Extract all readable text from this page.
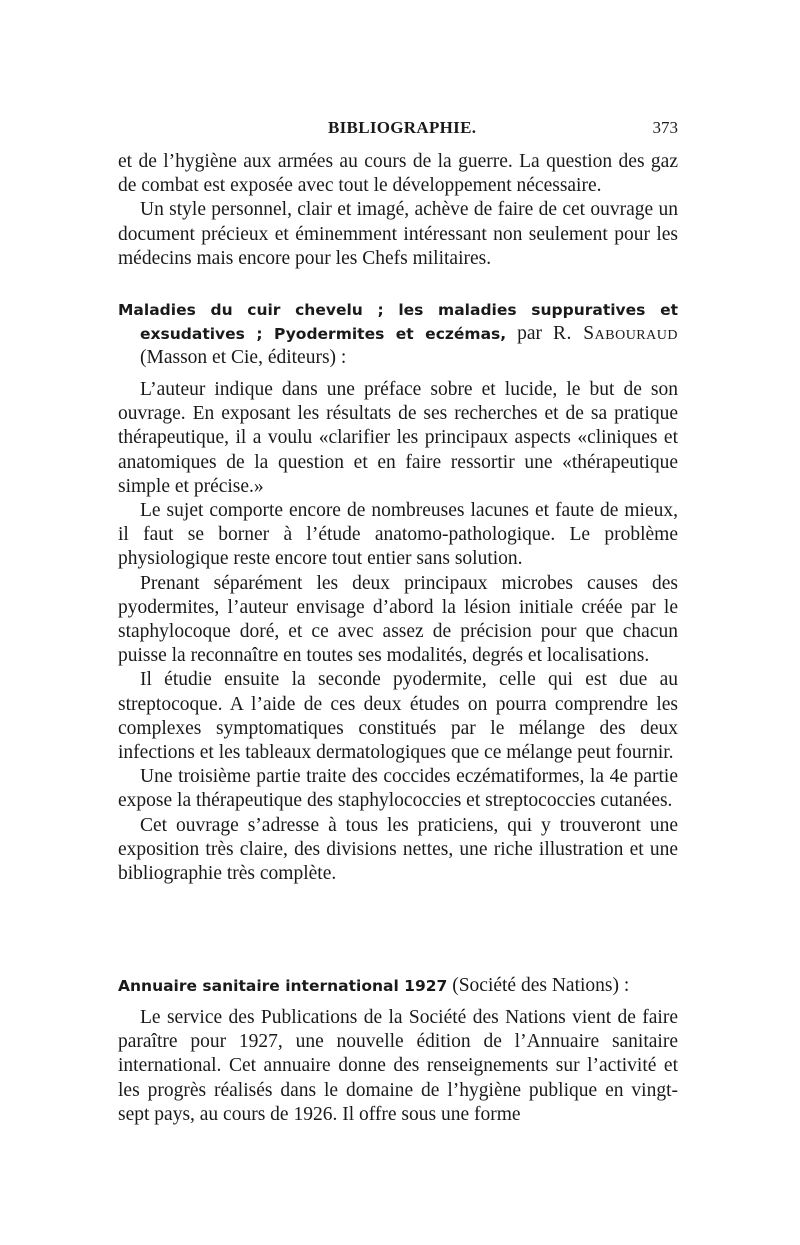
BIBLIOGRAPHIE.	373

et de l’hygiène aux armées au cours de la guerre. La question des gaz de combat est exposée avec tout le développement nécessaire.

Un style personnel, clair et imagé, achève de faire de cet ouvrage un document précieux et éminemment intéressant non seulement pour les médecins mais encore pour les Chefs militaires.

Maladies du cuir chevelu ; les maladies suppuratives et exsudatives ; Pyodermites et eczémas, par R. Sabouraud (Masson et Cie, éditeurs) :

L’auteur indique dans une préface sobre et lucide, le but de son ouvrage. En exposant les résultats de ses recherches et de sa pratique thérapeutique, il a voulu «clarifier les principaux aspects «cliniques et anatomiques de la question et en faire ressortir une «thérapeutique simple et précise.»

Le sujet comporte encore de nombreuses lacunes et faute de mieux, il faut se borner à l’étude anatomo-pathologique. Le problème physiologique reste encore tout entier sans solution.

Prenant séparément les deux principaux microbes causes des pyodermites, l’auteur envisage d’abord la lésion initiale créée par le staphylocoque doré, et ce avec assez de précision pour que chacun puisse la reconnaître en toutes ses modalités, degrés et localisations.

Il étudie ensuite la seconde pyodermite, celle qui est due au streptocoque. A l’aide de ces deux études on pourra comprendre les complexes symptomatiques constitués par le mélange des deux infections et les tableaux dermatologiques que ce mélange peut fournir.

Une troisième partie traite des coccides eczématiformes, la 4e partie expose la thérapeutique des staphylococcies et streptococcies cutanées.

Cet ouvrage s’adresse à tous les praticiens, qui y trouveront une exposition très claire, des divisions nettes, une riche illustration et une bibliographie très complète.

Annuaire sanitaire international 1927 (Société des Nations) :

Le service des Publications de la Société des Nations vient de faire paraître pour 1927, une nouvelle édition de l’Annuaire sanitaire international. Cet annuaire donne des renseignements sur l’activité et les progrès réalisés dans le domaine de l’hygiène publique en vingt-sept pays, au cours de 1926. Il offre sous une forme
